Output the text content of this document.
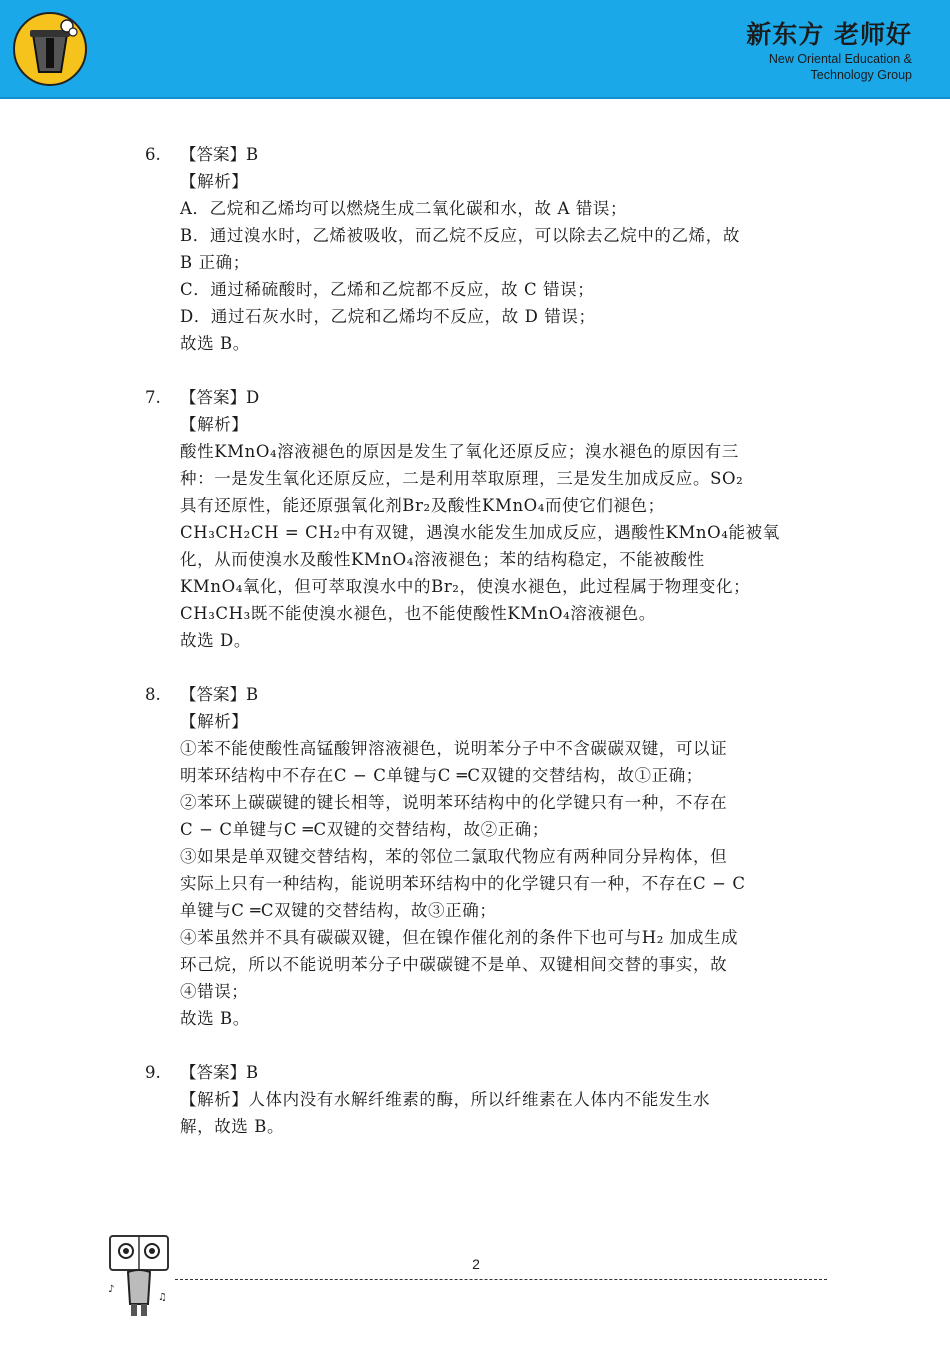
新东方 老师好
New Oriental Education &
Technology Group
6. 【答案】B
【解析】
A．乙烷和乙烯均可以燃烧生成二氧化碳和水，故 A 错误；
B．通过溴水时，乙烯被吸收，而乙烷不反应，可以除去乙烷中的乙烯，故
B 正确；
C．通过稀硫酸时，乙烯和乙烷都不反应，故 C 错误；
D．通过石灰水时，乙烷和乙烯均不反应，故 D 错误；
故选 B。
7. 【答案】D
【解析】
酸性KMnO₄溶液褪色的原因是发生了氧化还原反应；溴水褪色的原因有三
种：一是发生氧化还原反应，二是利用萃取原理，三是发生加成反应。SO₂
具有还原性，能还原强氧化剂Br₂及酸性KMnO₄而使它们褪色；
CH₃CH₂CH = CH₂中有双键，遇溴水能发生加成反应，遇酸性KMnO₄能被氧
化，从而使溴水及酸性KMnO₄溶液褪色；苯的结构稳定，不能被酸性
KMnO₄氧化，但可萃取溴水中的Br₂，使溴水褪色，此过程属于物理变化；
CH₃CH₃既不能使溴水褪色，也不能使酸性KMnO₄溶液褪色。
故选 D。
8. 【答案】B
【解析】
①苯不能使酸性高锰酸钾溶液褪色，说明苯分子中不含碳碳双键，可以证
明苯环结构中不存在C − C单键与C ═C双键的交替结构，故①正确；
②苯环上碳碳键的键长相等，说明苯环结构中的化学键只有一种，不存在
C − C单键与C ═C双键的交替结构，故②正确；
③如果是单双键交替结构，苯的邻位二氯取代物应有两种同分异构体，但
实际上只有一种结构，能说明苯环结构中的化学键只有一种，不存在C − C
单键与C ═C双键的交替结构，故③正确；
④苯虽然并不具有碳碳双键，但在镍作催化剂的条件下也可与H₂ 加成生成
环己烷，所以不能说明苯分子中碳碳键不是单、双键相间交替的事实，故
④错误；
故选 B。
9. 【答案】B
【解析】人体内没有水解纤维素的酶，所以纤维素在人体内不能发生水
解，故选 B。
♪
♫
2
